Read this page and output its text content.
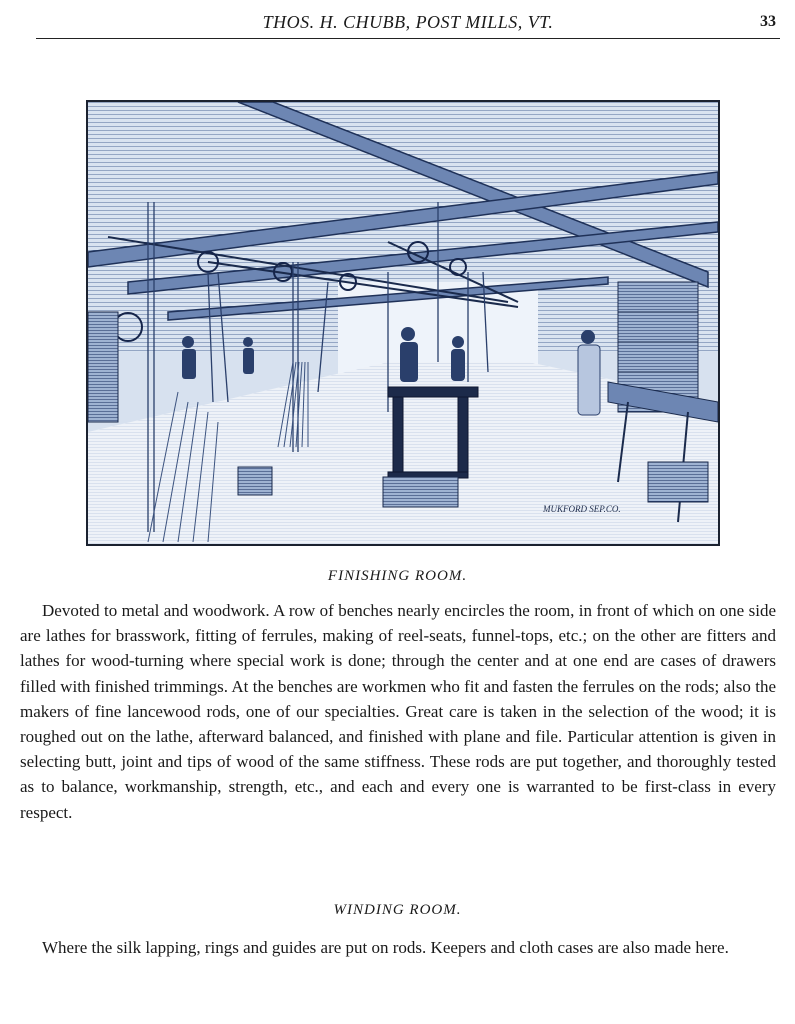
THOS. H. CHUBB, POST MILLS, VT.	33
MUKFORD SEP.CO.
FINISHING ROOM.

Devoted to metal and woodwork. A row of benches nearly encircles the room, in front of which on one side are lathes for brasswork, fitting of ferrules, making of reel-seats, funnel-tops, etc.; on the other are fitters and lathes for wood-turning where special work is done; through the center and at one end are cases of drawers filled with finished trimmings. At the benches are workmen who fit and fasten the ferrules on the rods; also the makers of fine lancewood rods, one of our specialties. Great care is taken in the selection of the wood; it is roughed out on the lathe, afterward balanced, and finished with plane and file. Particular attention is given in selecting butt, joint and tips of wood of the same stiffness. These rods are put together, and thoroughly tested as to balance, workmanship, strength, etc., and each and every one is warranted to be first-class in every respect.

WINDING ROOM.

Where the silk lapping, rings and guides are put on rods. Keepers and cloth cases are also made here.
